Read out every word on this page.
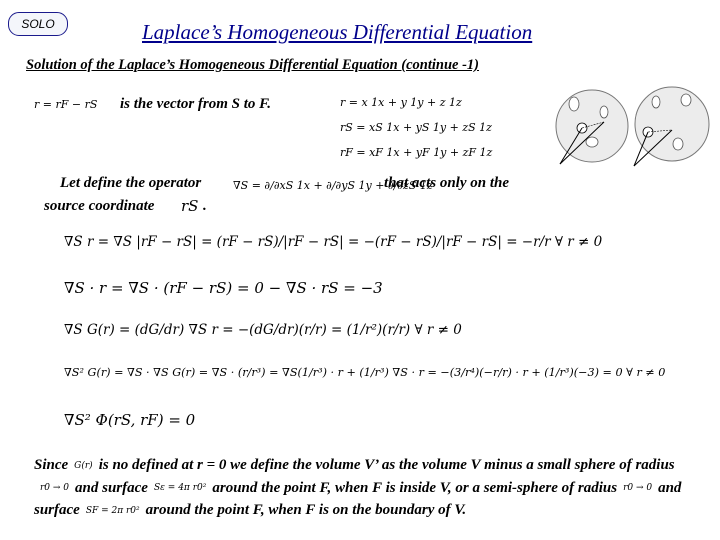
SOLO	Laplace’s Homogeneous Differential Equation
Solution of the Laplace’s Homogeneous Differential Equation (continue -1)
r = rF − rS is the vector from S to F.	r = x 1x + y 1y + z 1z
rS = xS 1x + yS 1y + zS 1z
rF = xF 1x + yF 1y + zF 1z
Let define the operator	∇S = ∂/∂xS 1x + ∂/∂yS 1y + ∂/∂zS 1z
that acts only on the
source coordinate rS .
∇S r = ∇S |rF − rS| = (rF − rS)/|rF − rS| = −(rF − rS)/|rF − rS| = −r/r ∀ r ≠ 0
∇S · r = ∇S · (rF − rS) = 0 − ∇S · rS = −3
∇S G(r) = (dG/dr) ∇S r = −(dG/dr)(r/r) = (1/r²)(r/r) ∀ r ≠ 0
∇S² G(r) = ∇S · ∇S G(r) = ∇S · (r/r³) = ∇S(1/r³) · r + (1/r³) ∇S · r = −(3/r⁴)(−r/r) · r + (1/r³)(−3) = 0 ∀ r ≠ 0
∇S² Φ(rS, rF) = 0
Since G(r) is no defined at r = 0 we define the volume V’ as the volume V minus a small sphere of radiusr0 → 0 and surface Sε = 4π r0² around the point F, when F is inside V, or a semi-sphere of radius r0 → 0 and surface SF = 2π r0² around the point F, when F is on the boundary of V.
